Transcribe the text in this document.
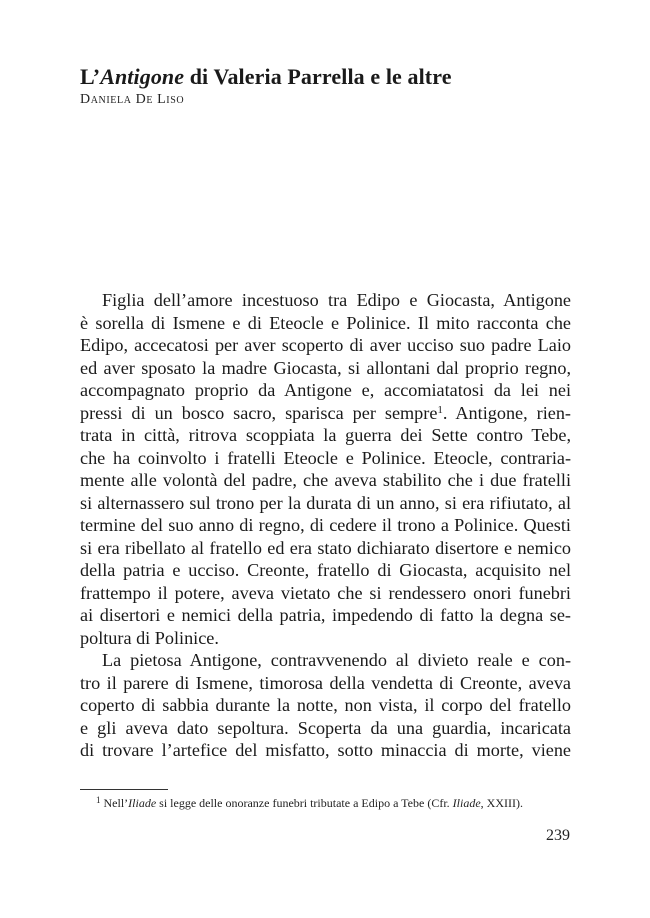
L’Antigone di Valeria Parrella e le altre
Daniela De Liso
Figlia dell’amore incestuoso tra Edipo e Giocasta, Antigone
è sorella di Ismene e di Eteocle e Polinice. Il mito racconta che
Edipo, accecatosi per aver scoperto di aver ucciso suo padre Laio
ed aver sposato la madre Giocasta, si allontani dal proprio regno,
accompagnato proprio da Antigone e, accomiatatosi da lei nei
pressi di un bosco sacro, sparisca per sempre$^1$. Antigone, rien-
trata in città, ritrova scoppiata la guerra dei Sette contro Tebe,
che ha coinvolto i fratelli Eteocle e Polinice. Eteocle, contraria-
mente alle volontà del padre, che aveva stabilito che i due fratelli
si alternassero sul trono per la durata di un anno, si era rifiutato, al
termine del suo anno di regno, di cedere il trono a Polinice. Questi
si era ribellato al fratello ed era stato dichiarato disertore e nemico
della patria e ucciso. Creonte, fratello di Giocasta, acquisito nel
frattempo il potere, aveva vietato che si rendessero onori funebri
ai disertori e nemici della patria, impedendo di fatto la degna se-
poltura di Polinice.
La pietosa Antigone, contravvenendo al divieto reale e con-
tro il parere di Ismene, timorosa della vendetta di Creonte, aveva
coperto di sabbia durante la notte, non vista, il corpo del fratello
e gli aveva dato sepoltura. Scoperta da una guardia, incaricata
di trovare l’artefice del misfatto, sotto minaccia di morte, viene
$^1$ Nell’Iliade si legge delle onoranze funebri tributate a Edipo a Tebe (Cfr. Iliade, XXIII).
239
